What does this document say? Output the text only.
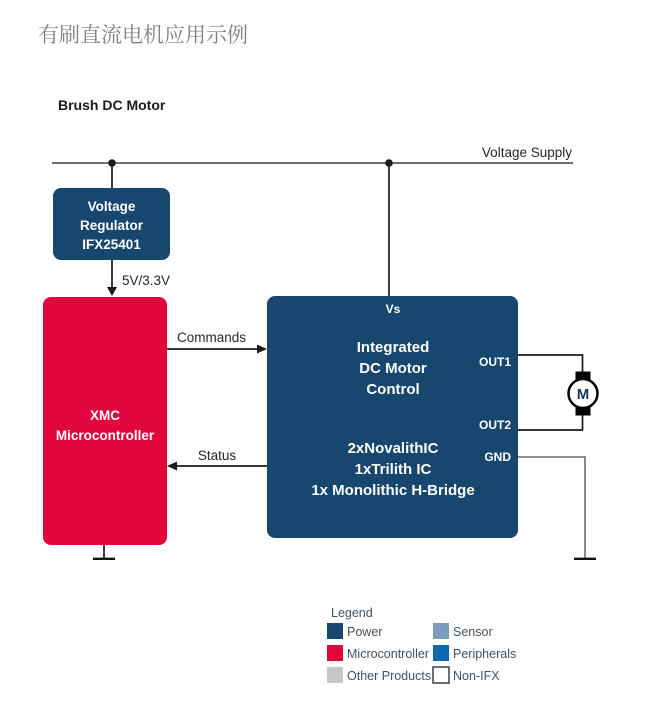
有刷直流电机应用示例
Brush DC Motor
Voltage Supply
Voltage
Regulator
IFX25401
5V/3.3V
XMC
Microcontroller
Commands
Status
Vs
Integrated
DC Motor
Control
2xNovalithIC
1xTrilith IC
1x Monolithic H-Bridge
OUT1
OUT2
GND
M
Legend
Power	Sensor
Microcontroller Peripherals
Other Products Non-IFX
